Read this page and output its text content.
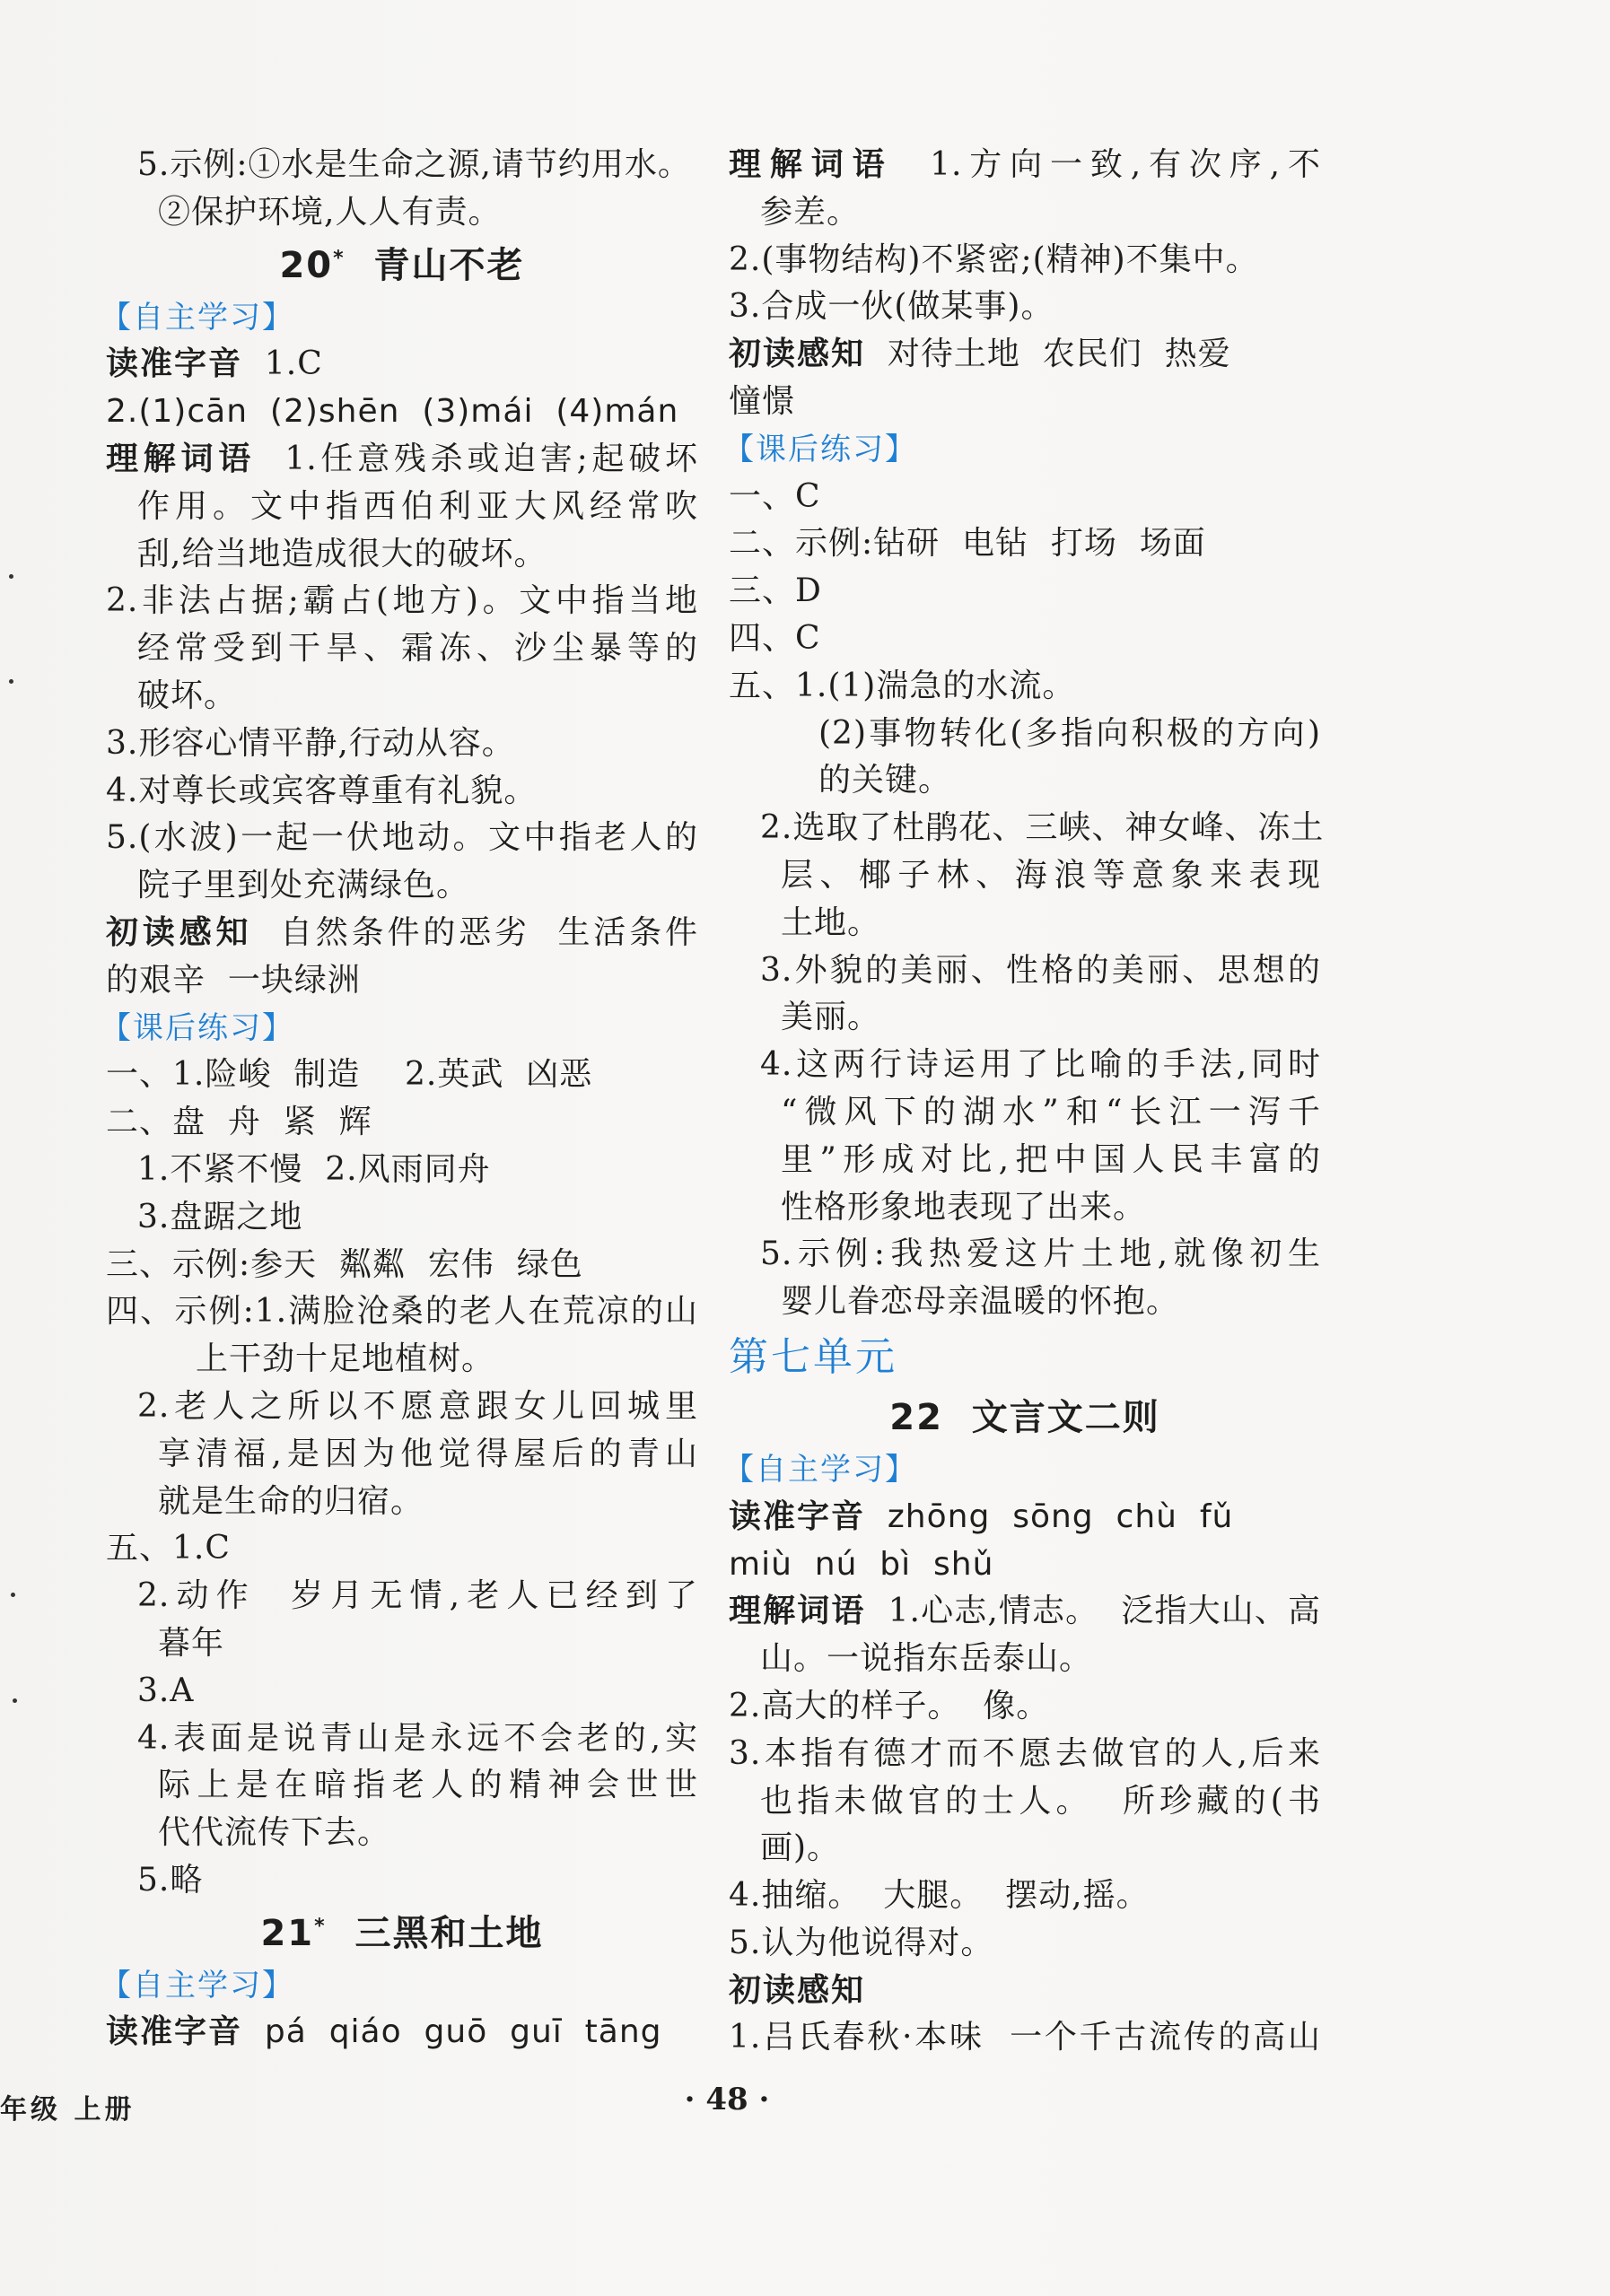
5.示例:①水是生命之源,请节约用水。
②保护环境,人人有责。
20*  青山不老
【自主学习】
读准字音  1.C
2.(1)cān  (2)shēn  (3)mái  (4)mán
理解词语  1.任意残杀或迫害;起破坏
作用。文中指西伯利亚大风经常吹
刮,给当地造成很大的破坏。
2.非法占据;霸占(地方)。文中指当地
经常受到干旱、霜冻、沙尘暴等的
破坏。
3.形容心情平静,行动从容。
4.对尊长或宾客尊重有礼貌。
5.(水波)一起一伏地动。文中指老人的
院子里到处充满绿色。
初读感知  自然条件的恶劣  生活条件
的艰辛  一块绿洲
【课后练习】
一、1.险峻  制造    2.英武  凶恶
二、盘  舟  紧  辉
1.不紧不慢  2.风雨同舟
3.盘踞之地
三、示例:参天  粼粼  宏伟  绿色
四、示例:1.满脸沧桑的老人在荒凉的山
上干劲十足地植树。
2.老人之所以不愿意跟女儿回城里
享清福,是因为他觉得屋后的青山
就是生命的归宿。
五、1.C
2.动作  岁月无情,老人已经到了
暮年
3.A
4.表面是说青山是永远不会老的,实
际上是在暗指老人的精神会世世
代代流传下去。
5.略
21*  三黑和土地
【自主学习】
读准字音  pá  qiáo  guō  guī  tāng
理解词语  1.方向一致,有次序,不
参差。
2.(事物结构)不紧密;(精神)不集中。
3.合成一伙(做某事)。
初读感知  对待土地  农民们  热爱
憧憬
【课后练习】
一、C
二、示例:钻研  电钻  打场  场面
三、D
四、C
五、1.(1)湍急的水流。
(2)事物转化(多指向积极的方向)
的关键。
2.选取了杜鹃花、三峡、神女峰、冻土
层、椰子林、海浪等意象来表现
土地。
3.外貌的美丽、性格的美丽、思想的
美丽。
4.这两行诗运用了比喻的手法,同时
“微风下的湖水”和“长江一泻千
里”形成对比,把中国人民丰富的
性格形象地表现了出来。
5.示例:我热爱这片土地,就像初生
婴儿眷恋母亲温暖的怀抱。
第七单元
22  文言文二则
【自主学习】
读准字音  zhōng  sōng  chù  fǔ
miù  nú  bì  shǔ
理解词语  1.心志,情志。  泛指大山、高
山。一说指东岳泰山。
2.高大的样子。  像。
3.本指有德才而不愿去做官的人,后来
也指未做官的士人。  所珍藏的(书
画)。
4.抽缩。  大腿。  摆动,摇。
5.认为他说得对。
初读感知
1.吕氏春秋·本味  一个千古流传的高山
年级 上册	· 48 ·
